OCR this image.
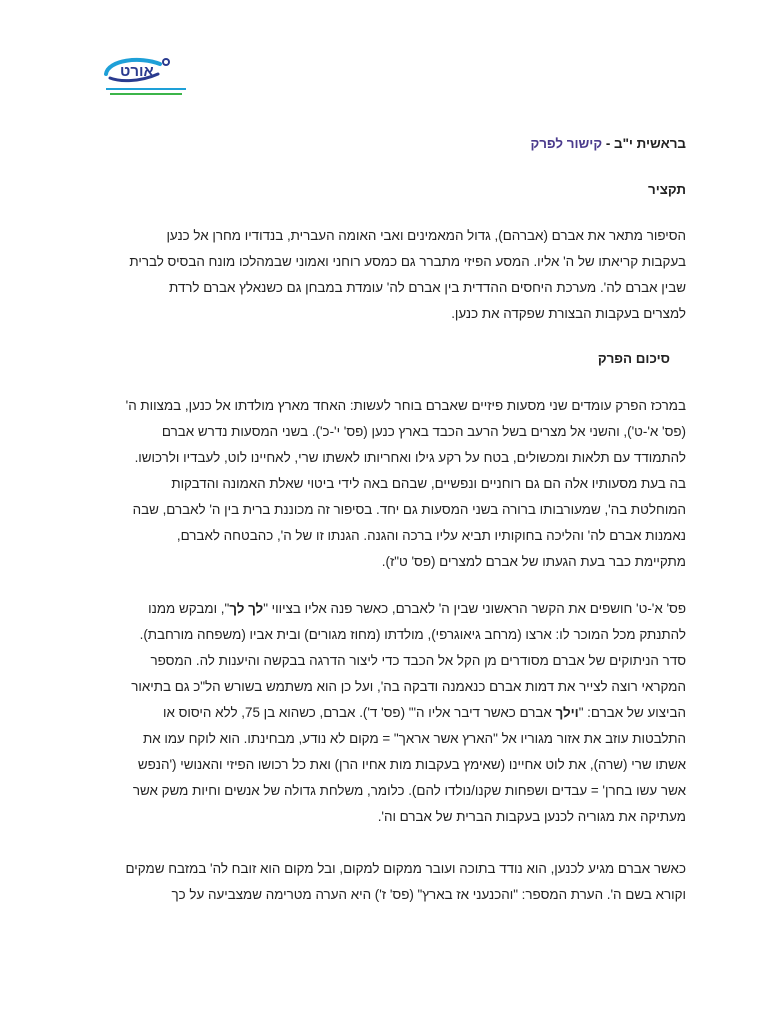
אורט
בראשית י"ב - קישור לפרק
תקציר

הסיפור מתאר את אברם (אברהם), גדול המאמינים ואבי האומה העברית, בנדודיו מחרן אל כנען
בעקבות קריאתו של ה' אליו. המסע הפיזי מתברר גם כמסע רוחני ואמוני שבמהלכו מונח הבסיס לברית
שבין אברם לה'. מערכת היחסים ההדדית בין אברם לה' עומדת במבחן גם כשנאלץ אברם לרדת
למצרים בעקבות הבצורת שפקדה את כנען.

סיכום הפרק

במרכז הפרק עומדים שני מסעות פיזיים שאברם בוחר לעשות: האחד מארץ מולדתו אל כנען, במצוות ה'
(פס' א'-ט'), והשני אל מצרים בשל הרעב הכבד בארץ כנען (פס' י'-כ'). בשני המסעות נדרש אברם
להתמודד עם תלאות ומכשולים, בטח על רקע גילו ואחריותו לאשתו שרי, לאחיינו לוט, לעבדיו ולרכושו.
בה בעת מסעותיו אלה הם גם רוחניים ונפשיים, שבהם באה לידי ביטוי שאלת האמונה והדבקות
המוחלטת בה', שמעורבותו ברורה בשני המסעות גם יחד. בסיפור זה מכוננת ברית בין ה' לאברם, שבה
נאמנות אברם לה' והליכה בחוקותיו תביא עליו ברכה והגנה. הגנתו זו של ה', כהבטחה לאברם,
מתקיימת כבר בעת הגעתו של אברם למצרים (פס' ט"ז).

פס' א'-ט' חושפים את הקשר הראשוני שבין ה' לאברם, כאשר פנה אליו בציווי "לך לך", ומבקש ממנו
להתנתק מכל המוכר לו: ארצו (מרחב גיאוגרפי), מולדתו (מחוז מגורים) ובית אביו (משפחה מורחבת).
סדר הניתוקים של אברם מסודרים מן הקל אל הכבד כדי ליצור הדרגה בבקשה והיענות לה. המספר
המקראי רוצה לצייר את דמות אברם כנאמנה ודבקה בה', ועל כן הוא משתמש בשורש הל"כ גם בתיאור
הביצוע של אברם: "וילך אברם כאשר דיבר אליו ה'" (פס' ד'). אברם, כשהוא בן 75, ללא היסוס או
התלבטות עוזב את אזור מגוריו אל "הארץ אשר אראך" = מקום לא נודע, מבחינתו. הוא לוקח עמו את
אשתו שרי (שרה), את לוט אחיינו (שאימץ בעקבות מות אחיו הרן) ואת כל רכושו הפיזי והאנושי ('הנפש
אשר עשו בחרן' = עבדים ושפחות שקנו/נולדו להם). כלומר, משלחת גדולה של אנשים וחיות משק אשר
מעתיקה את מגוריה לכנען בעקבות הברית של אברם וה'.

כאשר אברם מגיע לכנען, הוא נודד בתוכה ועובר ממקום למקום, ובל מקום הוא זובח לה' במזבח שמקים
וקורא בשם ה'. הערת המספר: "והכנעני אז בארץ" (פס' ז') היא הערה מטרימה שמצביעה על כך
